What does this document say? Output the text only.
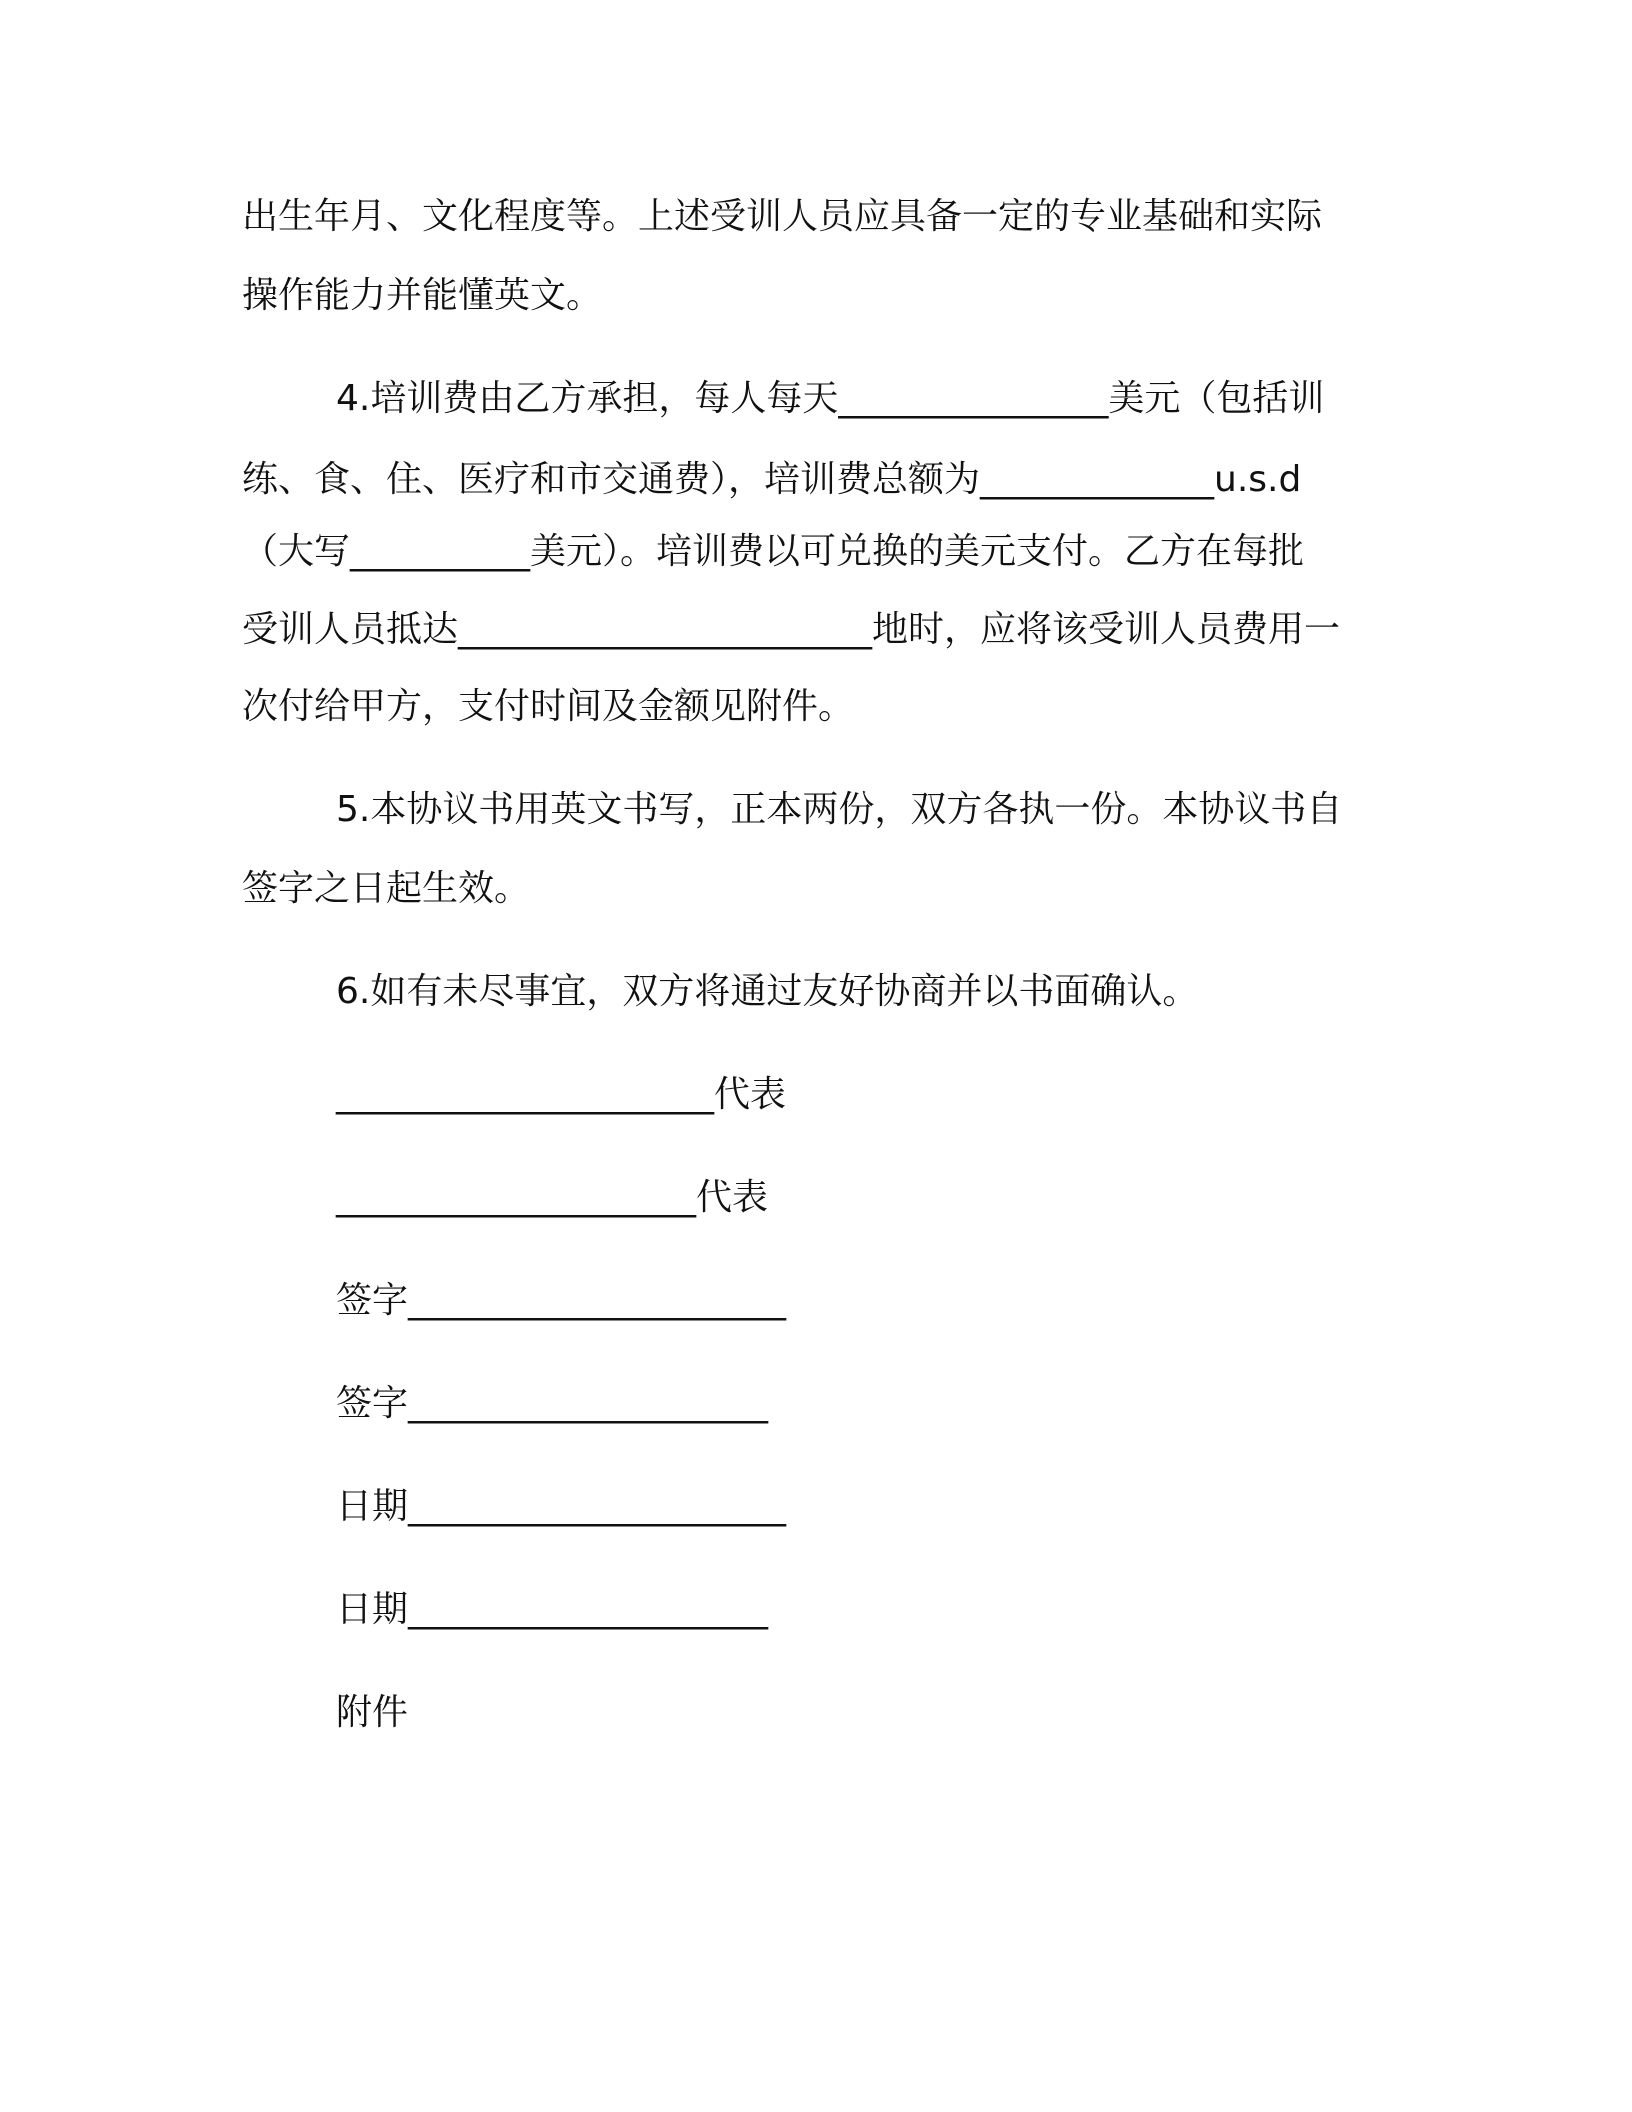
出生年月、文化程度等。上述受训人员应具备一定的专业基础和实际
操作能力并能懂英文。
4.培训费由乙方承担，每人每天_______________美元（包括训
练、食、住、医疗和市交通费），培训费总额为_____________u.s.d
（大写__________美元）。培训费以可兑换的美元支付。乙方在每批
受训人员抵达_______________________地时，应将该受训人员费用一
次付给甲方，支付时间及金额见附件。
5.本协议书用英文书写，正本两份，双方各执一份。本协议书自
签字之日起生效。
6.如有未尽事宜，双方将通过友好协商并以书面确认。
_____________________代表
____________________代表
签字_____________________
签字____________________
日期_____________________
日期____________________
附件
